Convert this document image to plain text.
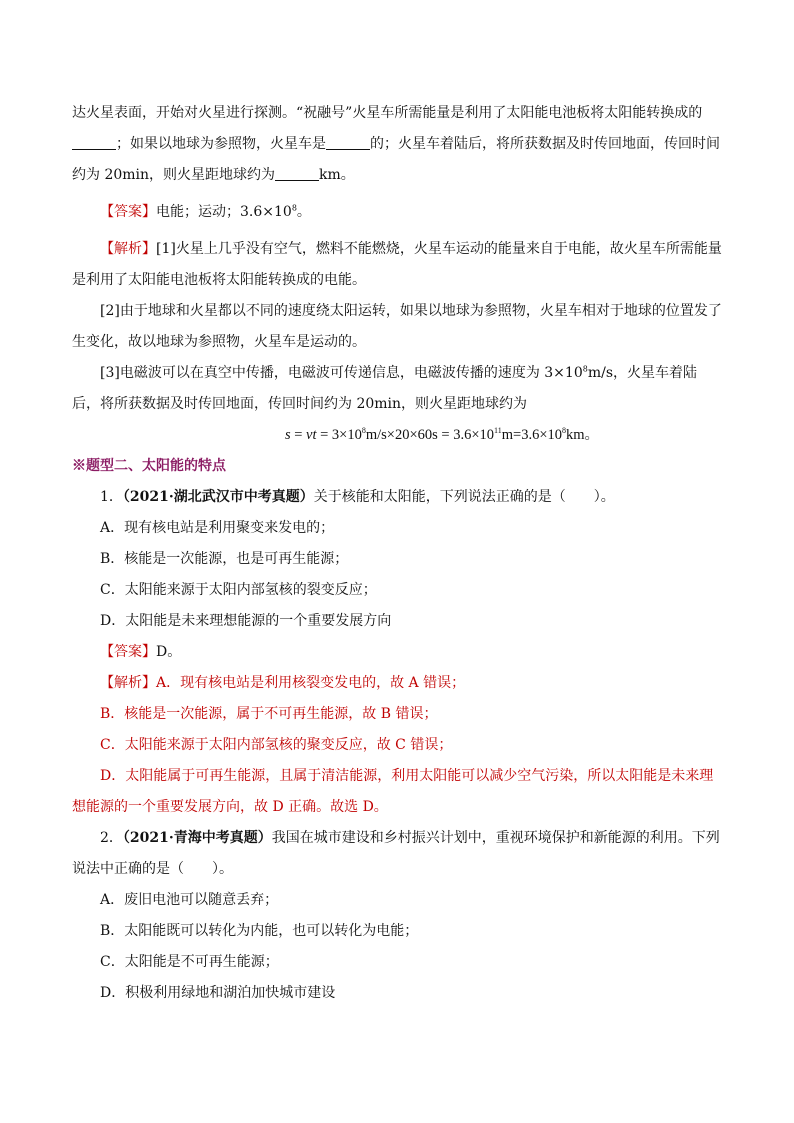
达火星表面，开始对火星进行探测。“祝融号”火星车所需能量是利用了太阳能电池板将太阳能转换成的

；如果以地球为参照物，火星车是	的；火星车着陆后，将所获数据及时传回地面，传回时间

约为 20min，则火星距地球约为	km。

【答案】电能；运动；$3.6\times 10^8$。

【解析】[1]火星上几乎没有空气，燃料不能燃烧，火星车运动的能量来自于电能，故火星车所需能量是利用了太阳能电池板将太阳能转换成的电能。

[2]由于地球和火星都以不同的速度绕太阳运转，如果以地球为参照物，火星车相对于地球的位置发了生变化，故以地球为参照物，火星车是运动的。

[3]电磁波可以在真空中传播，电磁波可传递信息，电磁波传播的速度为 $3\times 10^8m/s$，火星车着陆后，将所获数据及时传回地面，传回时间约为 20min，则火星距地球约为

s = vt = $3\times 10^8m/s\times 20\times 60s = 3.6\times 10^{11}m=3.6\times 10^8km$。

※题型二、太阳能的特点

1．（2021·湖北武汉市中考真题）关于核能和太阳能，下列说法正确的是（　　）。

A．现有核电站是利用聚变来发电的；

B．核能是一次能源，也是可再生能源；

C．太阳能来源于太阳内部氢核的裂变反应；

D．太阳能是未来理想能源的一个重要发展方向

【答案】D。

【解析】A．现有核电站是利用核裂变发电的，故 A 错误；

B．核能是一次能源，属于不可再生能源，故 B 错误；

C．太阳能来源于太阳内部氢核的聚变反应，故 C 错误；

D．太阳能属于可再生能源，且属于清洁能源，利用太阳能可以减少空气污染，所以太阳能是未来理想能源的一个重要发展方向，故 D 正确。故选 D。

2．（2021·青海中考真题）我国在城市建设和乡村振兴计划中，重视环境保护和新能源的利用。下列说法中正确的是（　　）。

A．废旧电池可以随意丢弃；

B．太阳能既可以转化为内能，也可以转化为电能；

C．太阳能是不可再生能源；

D．积极利用绿地和湖泊加快城市建设
